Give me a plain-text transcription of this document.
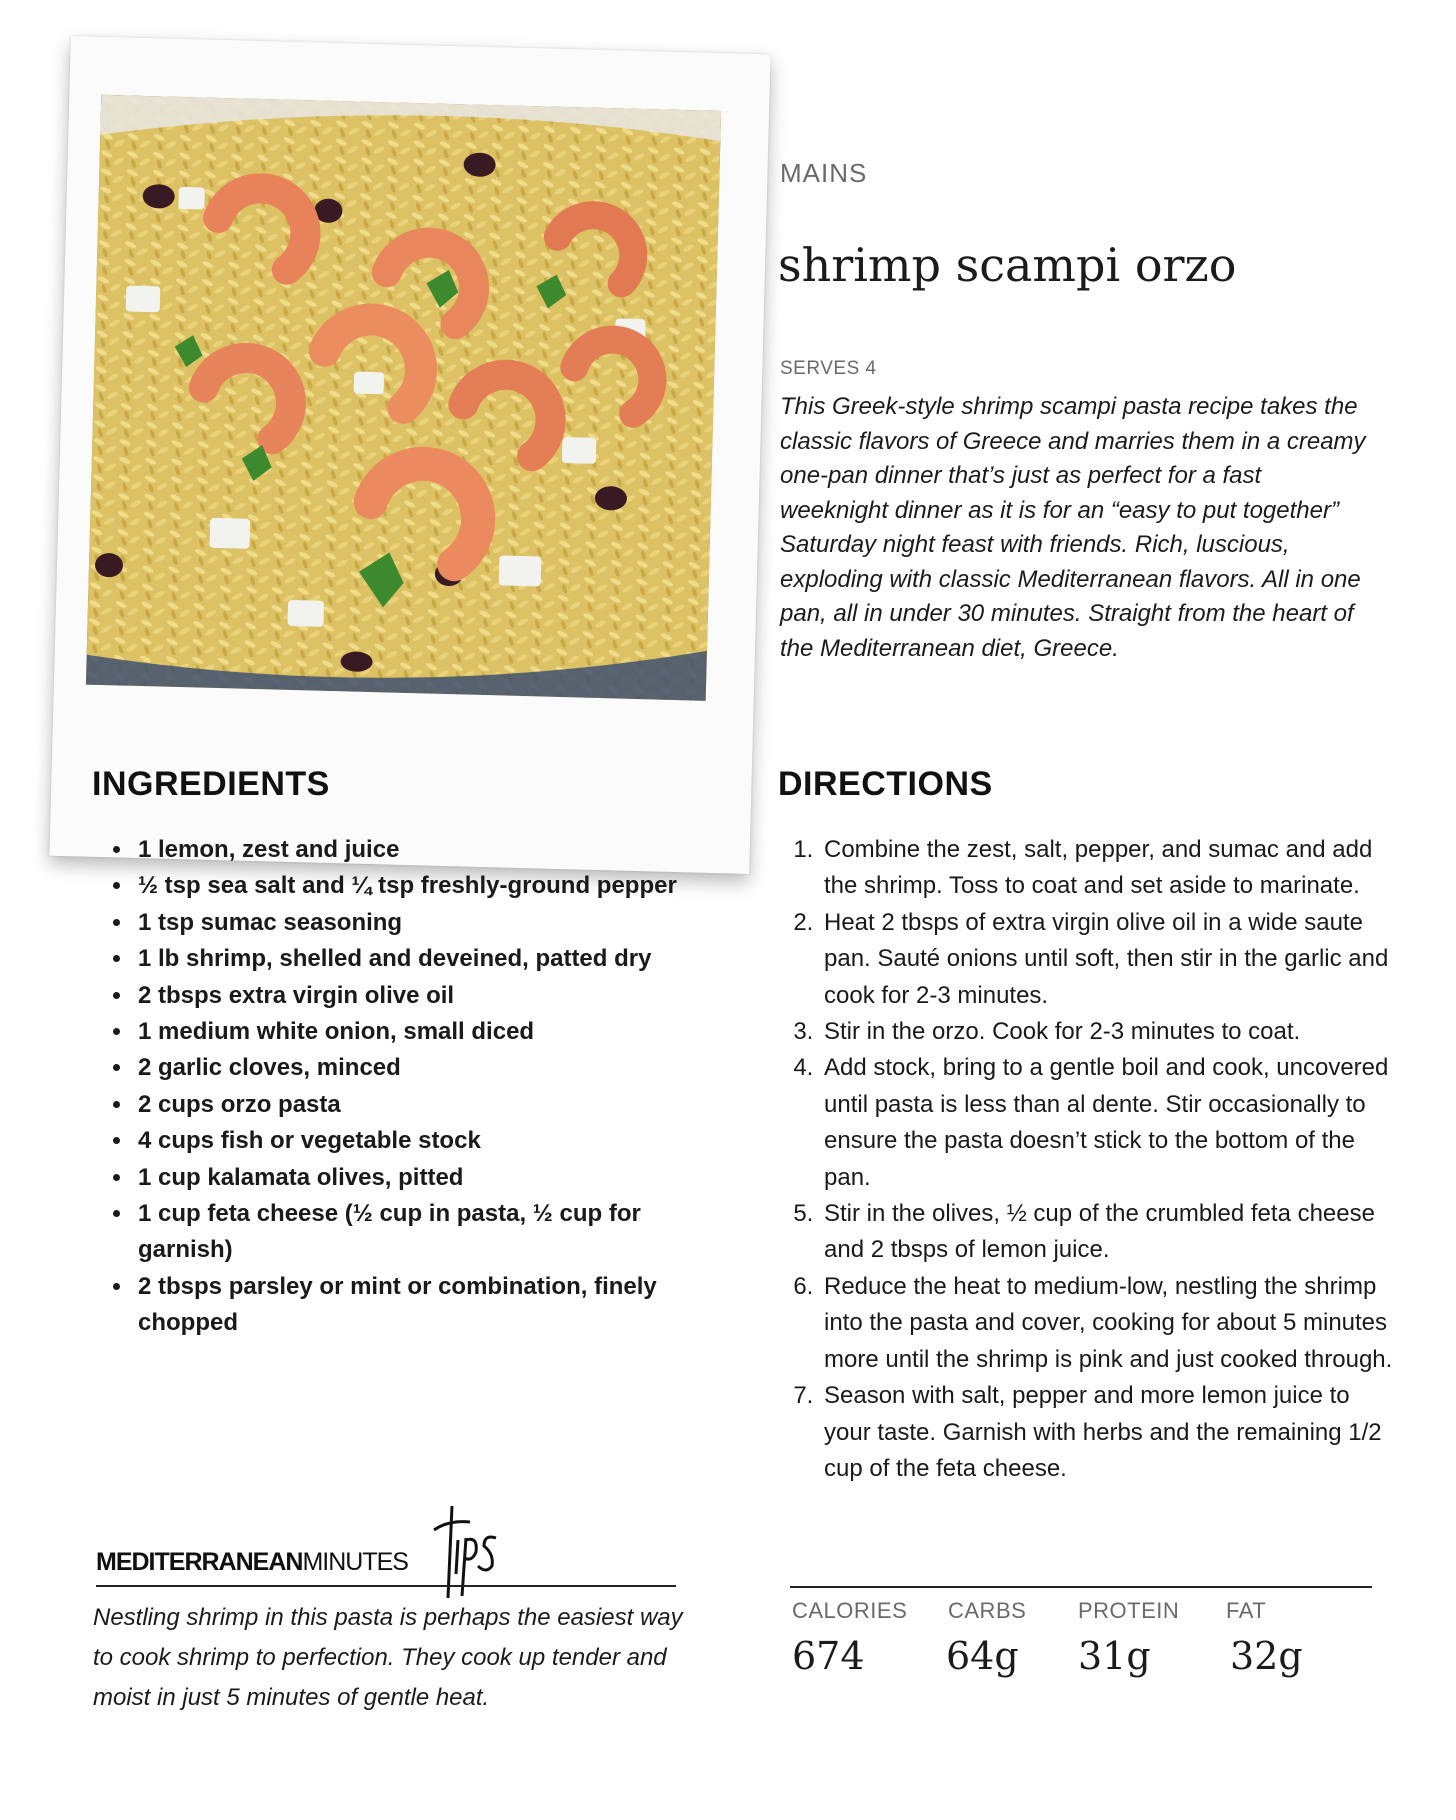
MAINS
shrimp scampi orzo
SERVES 4
This Greek-style shrimp scampi pasta recipe takes the classic flavors of Greece and marries them in a creamy one-pan dinner that’s just as perfect for a fast weeknight dinner as it is for an “easy to put together” Saturday night feast with friends. Rich, luscious, exploding with classic Mediterranean flavors. All in one pan, all in under 30 minutes. Straight from the heart of the Mediterranean diet, Greece.
INGREDIENTS	DIRECTIONS
• 1 lemon, zest and juice
• ½ tsp sea salt and ¼ tsp freshly-ground pepper
• 1 tsp sumac seasoning
• 1 lb shrimp, shelled and deveined, patted dry
• 2 tbsps extra virgin olive oil
• 1 medium white onion, small diced
• 2 garlic cloves, minced
• 2 cups orzo pasta
• 4 cups fish or vegetable stock
• 1 cup kalamata olives, pitted
• 1 cup feta cheese (½ cup in pasta, ½ cup for garnish)
• 2 tbsps parsley or mint or combination, finely chopped
1. Combine the zest, salt, pepper, and sumac and add the shrimp. Toss to coat and set aside to marinate.
2. Heat 2 tbsps of extra virgin olive oil in a wide saute pan. Sauté onions until soft, then stir in the garlic and cook for 2-3 minutes.
3. Stir in the orzo. Cook for 2-3 minutes to coat.
4. Add stock, bring to a gentle boil and cook, uncovered until pasta is less than al dente. Stir occasionally to ensure the pasta doesn’t stick to the bottom of the pan.
5. Stir in the olives, ½ cup of the crumbled feta cheese and 2 tbsps of lemon juice.
6. Reduce the heat to medium-low, nestling the shrimp into the pasta and cover, cooking for about 5 minutes more until the shrimp is pink and just cooked through.
7. Season with salt, pepper and more lemon juice to your taste. Garnish with herbs and the remaining 1/2 cup of the feta cheese.
MEDITERRANEANMINUTES
Nestling shrimp in this pasta is perhaps the easiest way to cook shrimp to perfection. They cook up tender and moist in just 5 minutes of gentle heat.
CALORIES CARBS PROTEIN FAT
674 64g 31g 32g
